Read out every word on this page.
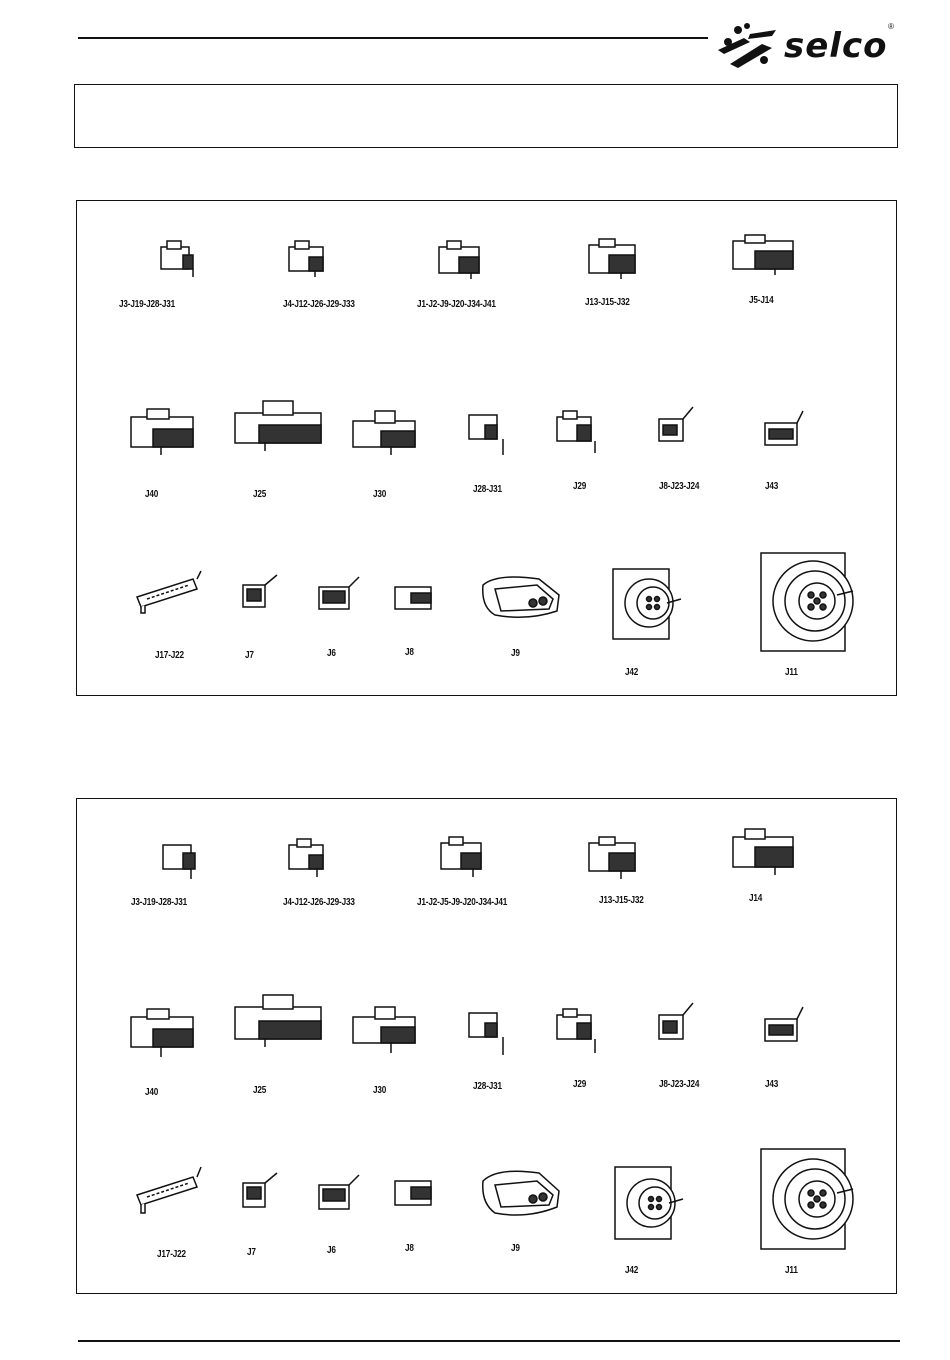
selco ®
J3-J19-J28-J31	J4-J12-J26-J29-J33	J1-J2-J9-J20-J34-J41	J13-J15-J32	J5-J14
J40	J25	J30	J28-J31	J29	J8-J23-J24	J43
J17-J22	J7	J6	J8	J9
J42	J11
J3-J19-J28-J31	J4-J12-J26-J29-J33	J1-J2-J5-J9-J20-J34-J41	J13-J15-J32	J14
J40	J25	J30	J28-J31	J29	J8-J23-J24	J43
J17-J22	J7	J6	J8	J9
J42	J11
